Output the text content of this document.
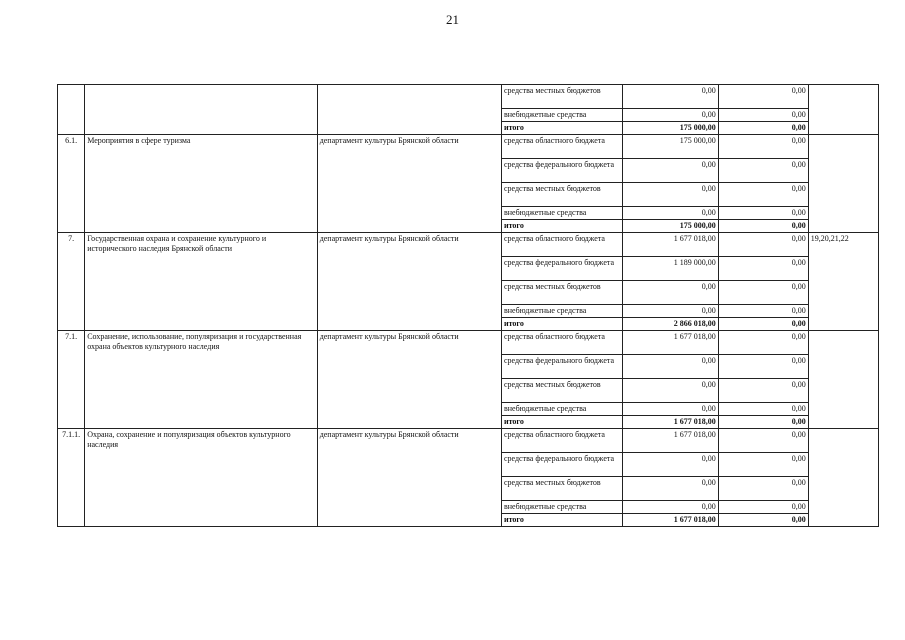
21
			средства местных бюджетов	0,00	0,00	
			внебюджетные средства	0,00	0,00	
			итого	175 000,00	0,00	
6.1.	Мероприятия в сфере туризма	департамент культуры Брянской области	средства областного бюджета	175 000,00	0,00	
			средства федерального бюджета	0,00	0,00	
			средства местных бюджетов	0,00	0,00	
			внебюджетные средства	0,00	0,00	
			итого	175 000,00	0,00	
7.	Государственная охрана и сохранение культурного и исторического наследия Брянской области	департамент культуры Брянской области	средства областного бюджета	1 677 018,00	0,00	19,20,21,22
			средства федерального бюджета	1 189 000,00	0,00	
			средства местных бюджетов	0,00	0,00	
			внебюджетные средства	0,00	0,00	
			итого	2 866 018,00	0,00	
7.1.	Сохранение, использование, популяризация и государственная охрана объектов культурного наследия	департамент культуры Брянской области	средства областного бюджета	1 677 018,00	0,00	
			средства федерального бюджета	0,00	0,00	
			средства местных бюджетов	0,00	0,00	
			внебюджетные средства	0,00	0,00	
			итого	1 677 018,00	0,00	
7.1.1.	Охрана, сохранение и популяризация объектов культурного наследия	департамент культуры Брянской области	средства областного бюджета	1 677 018,00	0,00	
			средства федерального бюджета	0,00	0,00	
			средства местных бюджетов	0,00	0,00	
			внебюджетные средства	0,00	0,00	
			итого	1 677 018,00	0,00	
